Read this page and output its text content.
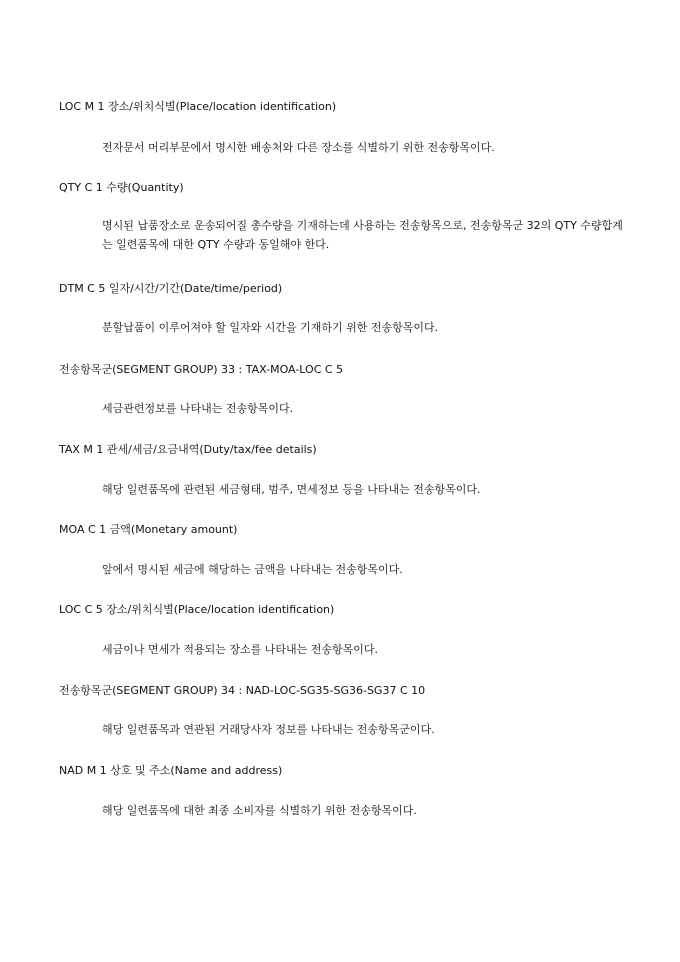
LOC M 1 장소/위치식별(Place/location identification)
전자문서 머리부문에서 명시한 배송처와 다른 장소를 식별하기 위한 전송항목이다.
QTY C 1 수량(Quantity)
명시된 납품장소로 운송되어질 총수량을 기재하는데 사용하는 전송항목으로, 전송항목군 32의 QTY 수량합계는 일련품목에 대한 QTY 수량과 동일해야 한다.
DTM C 5 일자/시간/기간(Date/time/period)
분할납품이 이루어져야 할 일자와 시간을 기재하기 위한 전송항목이다.
전송항목군(SEGMENT GROUP) 33 : TAX-MOA-LOC C 5
세금관련정보를 나타내는 전송항목이다.
TAX M 1 관세/세금/요금내역(Duty/tax/fee details)
해당 일련품목에 관련된 세금형태, 범주, 면세정보 등을 나타내는 전송항목이다.
MOA C 1 금액(Monetary amount)
앞에서 명시된 세금에 해당하는 금액을 나타내는 전송항목이다.
LOC C 5 장소/위치식별(Place/location identification)
세금이나 면세가 적용되는 장소를 나타내는 전송항목이다.
전송항목군(SEGMENT GROUP) 34 : NAD-LOC-SG35-SG36-SG37 C 10
해당 일련품목과 연관된 거래당사자 정보를 나타내는 전송항목군이다.
NAD M 1 상호 및 주소(Name and address)
해당 일련품목에 대한 최종 소비자를 식별하기 위한 전송항목이다.
